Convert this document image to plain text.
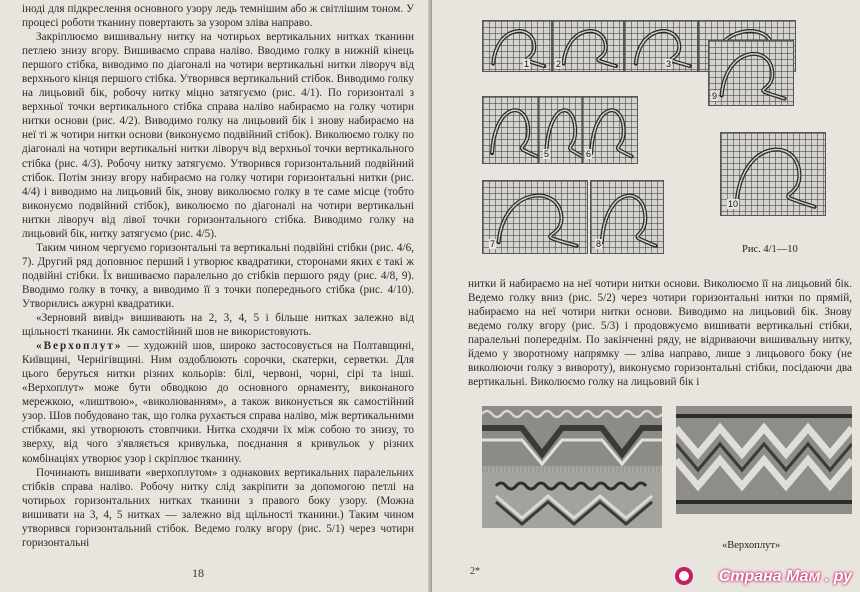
іноді для підкреслення основного узору ледь темнішим або ж світлішим тоном. У процесі роботи тканину повертають за узором зліва направо.

Закріплюємо вишивальну нитку на чотирьох вертикальних нитках тканини петлею знизу вгору. Вишиваємо справа наліво. Вводимо голку в нижній кінець першого стібка, виводимо по діагоналі на чотири вертикальні нитки ліворуч від верхнього кінця першого стібка. Утворився вертикальний стібок. Виводимо голку на лицьовий бік, робочу нитку міцно затягуємо (рис. 4/1). По горизонталі з верхньої точки вертикального стібка справа наліво набираємо на голку чотири нитки основи (рис. 4/2). Виводимо голку на лицьовий бік і знову набираємо на неї ті ж чотири нитки основи (виконуємо подвійний стібок). Виколюємо голку по діагоналі на чотири вертикальні нитки ліворуч від верхньої точки вертикального стібка (рис. 4/3). Робочу нитку затягуємо. Утворився горизонтальний подвійний стібок. Потім знизу вгору набираємо на голку чотири горизонтальні нитки (рис. 4/4) і виводимо на лицьовий бік, знову виколюємо голку в те саме місце (тобто виконуємо подвійний стібок), виколюємо по діагоналі на чотири вертикальні нитки ліворуч від лівої точки горизонтального стібка. Виводимо голку на лицьовий бік, нитку затягуємо (рис. 4/5).

Таким чином чергуємо горизонтальні та вертикальні подвійні стібки (рис. 4/6, 7). Другий ряд доповнює перший і утворює квадратики, сторонами яких є такі ж подвійні стібки. Їх вишиваємо паралельно до стібків першого ряду (рис. 4/8, 9). Вводимо голку в точку, а виводимо її з точки попереднього стібка (рис. 4/10). Утворились ажурні квадратики.

«Зерновий вивід» вишивають на 2, 3, 4, 5 і більше нитках залежно від щільності тканини. Як самостійний шов не використовують.

«Верхоплут» — художній шов, широко застосовується на Полтавщині, Київщині, Чернігівщині. Ним оздоблюють сорочки, скатерки, серветки. Для цього беруться нитки різних кольорів: білі, червоні, чорні, сірі та інші. «Верхоплут» може бути обводкою до основного орнаменту, виконаного мережкою, «лиштвою», «виколюванням», а також виконується як самостійний узор. Шов побудовано так, що голка рухається справа наліво, між вертикальними стібками, які утворюють стовпчики. Нитка сходячи їх між собою то знизу, то зверху, від чого з'являється кривулька, поєднання я кривульок у різних комбінаціях утворює узор і скріплює тканину.

Починають вишивати «верхоплутом» з однакових вертикальних паралельних стібків справа наліво. Робочу нитку слід закріпити за допомогою петлі на чотирьох горизонтальних нитках тканини з правого боку узору. (Можна вишивати на 3, 4, 5 нитках — залежно від щільності тканини.) Таким чином утворився горизонтальний стібок. Ведемо голку вгору (рис. 5/1) через чотири горизонтальні

18
1	2	3
9
5	6
10
7	8	Рис. 4/1—10

нитки й набираємо на неї чотири нитки основи. Виколюємо її на лицьовий бік. Ведемо голку вниз (рис. 5/2) через чотири горизонтальні нитки по прямій, набираємо на неї чотири нитки основи. Виводимо на лицьовий бік. Знову ведемо голку вгору (рис. 5/3) і продовжуємо вишивати вертикальні стібки, паралельні попереднім. По закінченні ряду, не відриваючи вишивальну нитку, йдемо у зворотному напрямку — зліва направо, лише з лицьового боку (не виколюючи голку з вивороту), виконуємо горизонтальні стібки, посідаючи два вертикальні. Виколюємо голку на лицьовий бік і

«Верхоплут»
2*	Страна Мам . ру
